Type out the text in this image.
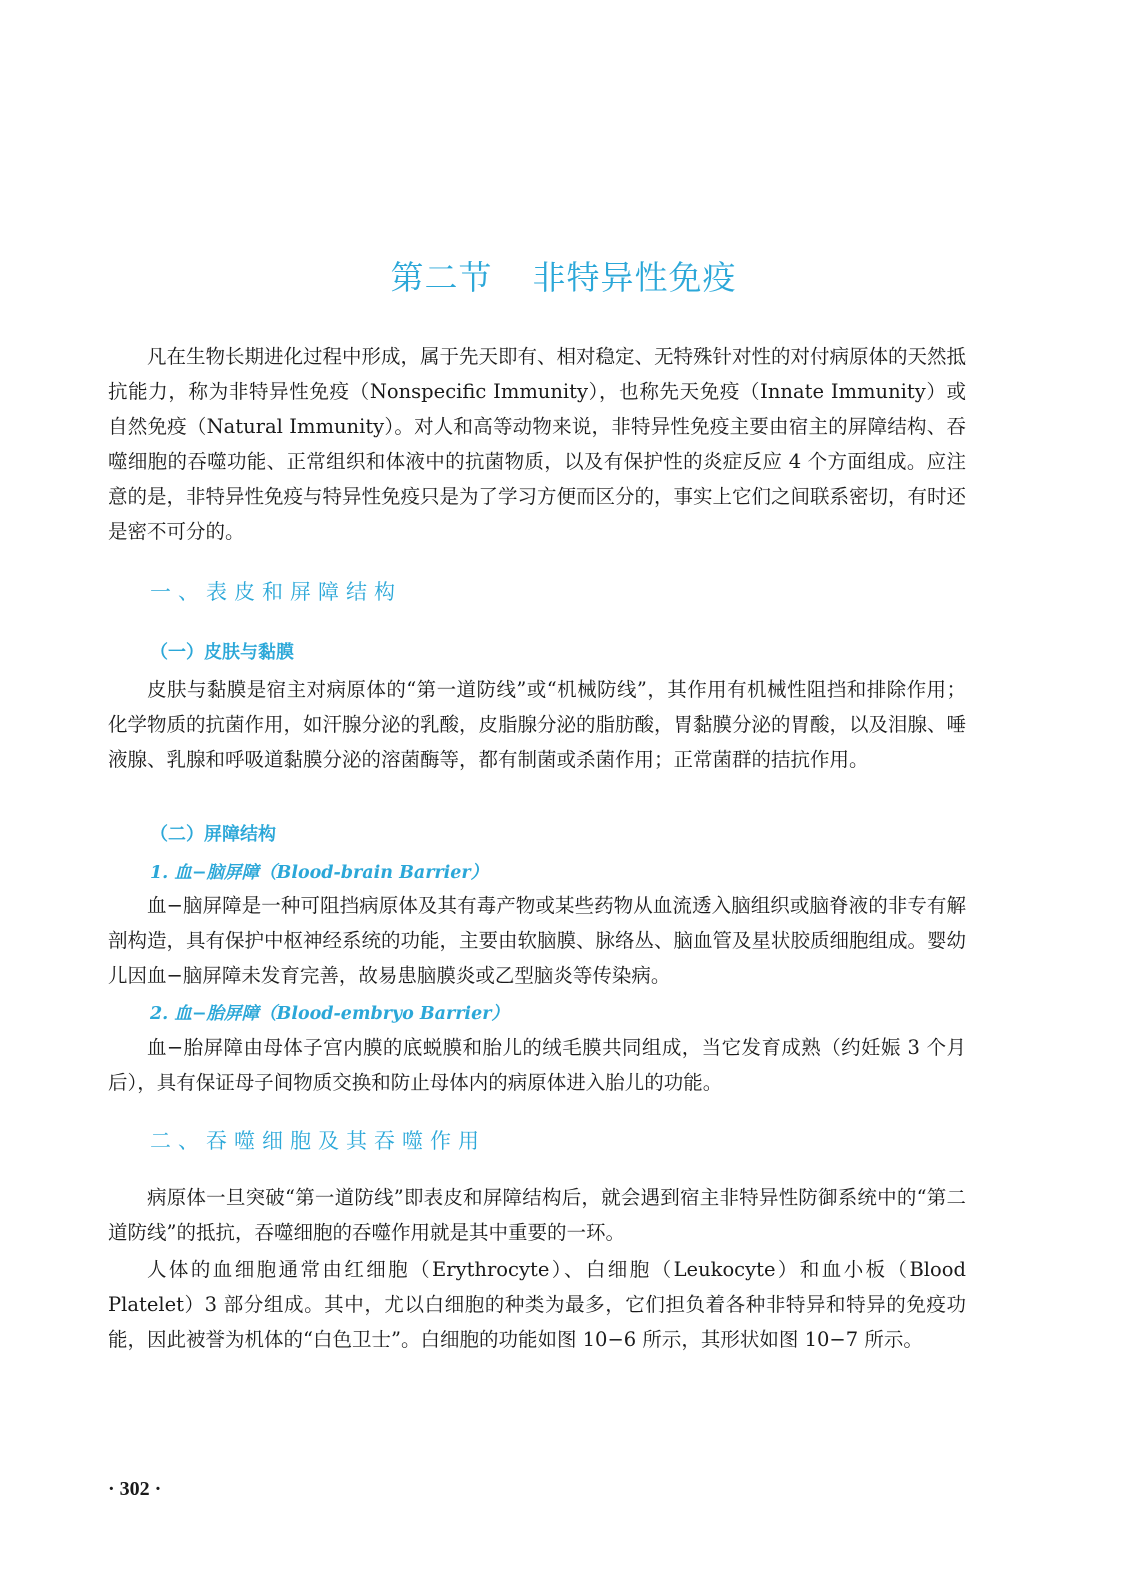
第二节 非特异性免疫

凡在生物长期进化过程中形成，属于先天即有、相对稳定、无特殊针对性的对付病原体的天然抵抗能力，称为非特异性免疫（Nonspecific Immunity），也称先天免疫（Innate Immunity）或自然免疫（Natural Immunity）。对人和高等动物来说，非特异性免疫主要由宿主的屏障结构、吞噬细胞的吞噬功能、正常组织和体液中的抗菌物质，以及有保护性的炎症反应 4 个方面组成。应注意的是，非特异性免疫与特异性免疫只是为了学习方便而区分的，事实上它们之间联系密切，有时还是密不可分的。

一、表皮和屏障结构
（一）皮肤与黏膜

皮肤与黏膜是宿主对病原体的“第一道防线”或“机械防线”，其作用有机械性阻挡和排除作用；化学物质的抗菌作用，如汗腺分泌的乳酸，皮脂腺分泌的脂肪酸，胃黏膜分泌的胃酸，以及泪腺、唾液腺、乳腺和呼吸道黏膜分泌的溶菌酶等，都有制菌或杀菌作用；正常菌群的拮抗作用。

（二）屏障结构
1. 血−脑屏障（Blood-brain Barrier）

血−脑屏障是一种可阻挡病原体及其有毒产物或某些药物从血流透入脑组织或脑脊液的非专有解剖构造，具有保护中枢神经系统的功能，主要由软脑膜、脉络丛、脑血管及星状胶质细胞组成。婴幼儿因血−脑屏障未发育完善，故易患脑膜炎或乙型脑炎等传染病。

2. 血−胎屏障（Blood-embryo Barrier）

血−胎屏障由母体子宫内膜的底蜕膜和胎儿的绒毛膜共同组成，当它发育成熟（约妊娠 3 个月后），具有保证母子间物质交换和防止母体内的病原体进入胎儿的功能。

二、吞噬细胞及其吞噬作用

病原体一旦突破“第一道防线”即表皮和屏障结构后，就会遇到宿主非特异性防御系统中的“第二道防线”的抵抗，吞噬细胞的吞噬作用就是其中重要的一环。

人体的血细胞通常由红细胞（Erythrocyte）、白细胞（Leukocyte）和血小板（Blood Platelet）3 部分组成。其中，尤以白细胞的种类为最多，它们担负着各种非特异和特异的免疫功能，因此被誉为机体的“白色卫士”。白细胞的功能如图 10−6 所示，其形状如图 10−7 所示。

· 302 ·
